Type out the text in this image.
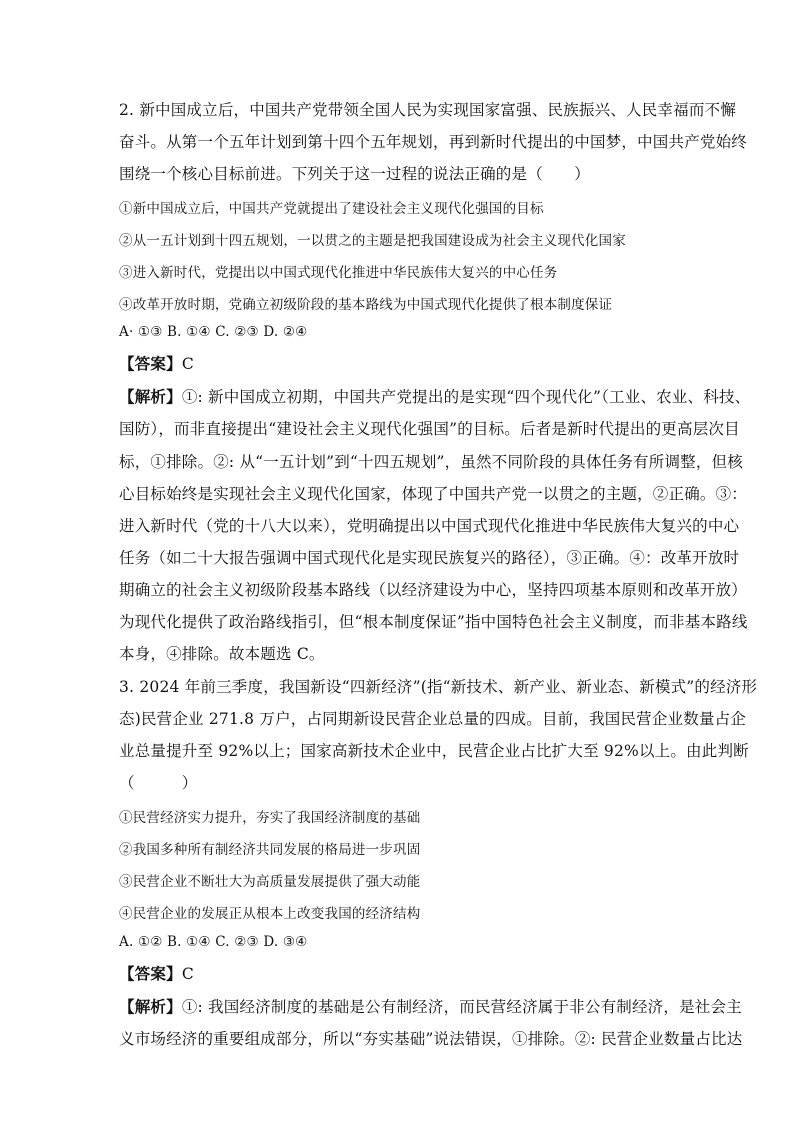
2. 新中国成立后，中国共产党带领全国人民为实现国家富强、民族振兴、人民幸福而不懈
奋斗。从第一个五年计划到第十四个五年规划，再到新时代提出的中国梦，中国共产党始终
围绕一个核心目标前进。下列关于这一过程的说法正确的是（　　）
①新中国成立后，中国共产党就提出了建设社会主义现代化强国的目标
②从一五计划到十四五规划，一以贯之的主题是把我国建设成为社会主义现代化国家
③进入新时代，党提出以中国式现代化推进中华民族伟大复兴的中心任务
④改革开放时期，党确立初级阶段的基本路线为中国式现代化提供了根本制度保证
A· ①③ B. ①④ C. ②③ D. ②④
【答案】C
【解析】①: 新中国成立初期，中国共产党提出的是实现“四个现代化”（工业、农业、科技、
国防），而非直接提出“建设社会主义现代化强国”的目标。后者是新时代提出的更高层次目
标，①排除。②: 从“一五计划”到“十四五规划”，虽然不同阶段的具体任务有所调整，但核
心目标始终是实现社会主义现代化国家，体现了中国共产党一以贯之的主题，②正确。③：
进入新时代（党的十八大以来），党明确提出以中国式现代化推进中华民族伟大复兴的中心
任务（如二十大报告强调中国式现代化是实现民族复兴的路径），③正确。④：改革开放时
期确立的社会主义初级阶段基本路线（以经济建设为中心，坚持四项基本原则和改革开放）
为现代化提供了政治路线指引，但“根本制度保证”指中国特色社会主义制度，而非基本路线
本身，④排除。故本题选 C。
3. 2024 年前三季度，我国新设“四新经济”(指“新技术、新产业、新业态、新模式”的经济形
态)民营企业 271.8 万户，占同期新设民营企业总量的四成。目前，我国民营企业数量占企
业总量提升至 92%以上；国家高新技术企业中，民营企业占比扩大至 92%以上。由此判断
（　　　）
①民营经济实力提升，夯实了我国经济制度的基础
②我国多种所有制经济共同发展的格局进一步巩固
③民营企业不断壮大为高质量发展提供了强大动能
④民营企业的发展正从根本上改变我国的经济结构
A. ①② B. ①④ C. ②③ D. ③④
【答案】C
【解析】①: 我国经济制度的基础是公有制经济，而民营经济属于非公有制经济，是社会主
义市场经济的重要组成部分，所以“夯实基础”说法错误，①排除。②: 民营企业数量占比达
